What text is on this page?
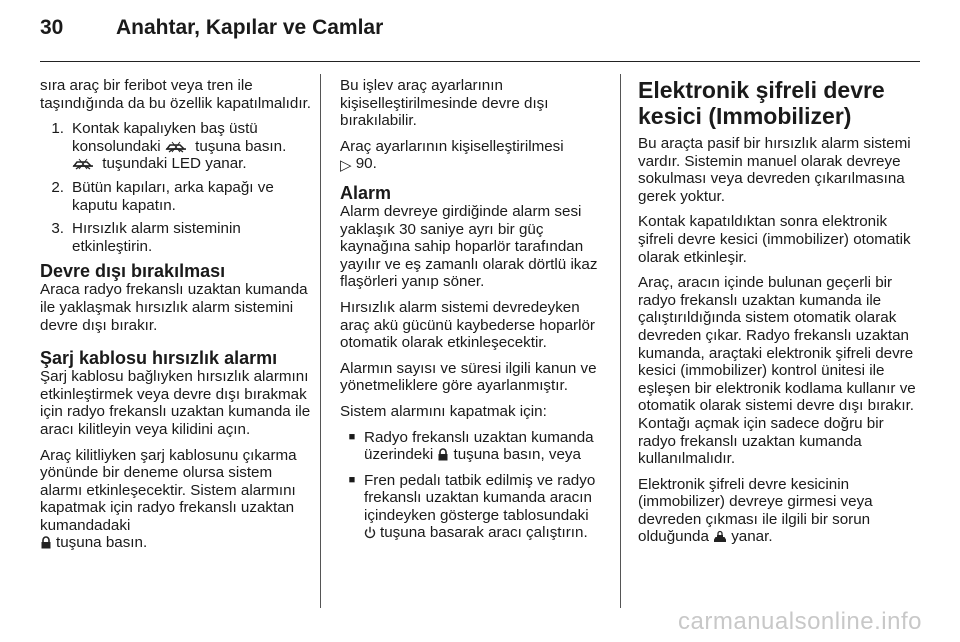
30	Anahtar, Kapılar ve Camlar

sıra araç bir feribot veya tren ile taşındığında da bu özellik kapatılmalıdır.

1. Kontak kapalıyken baş üstü konsolundaki tuşuna basın.
tuşundaki LED yanar.
2. Bütün kapıları, arka kapağı ve kaputu kapatın.
3. Hırsızlık alarm sisteminin etkinleştirin.
Devre dışı bırakılması

Araca radyo frekanslı uzaktan kumanda ile yaklaşmak hırsızlık alarm sistemini devre dışı bırakır.

Şarj kablosu hırsızlık alarmı

Şarj kablosu bağlıyken hırsızlık alarmını etkinleştirmek veya devre dışı bırakmak için radyo frekanslı uzaktan kumanda ile aracı kilitleyin veya kilidini açın.

Araç kilitliyken şarj kablosunu çıkarma yönünde bir deneme olursa sistem alarmı etkinleşecektir. Sistem alarmını kapatmak için radyo frekanslı uzaktan kumandadaki
tuşuna basın.

Bu işlev araç ayarlarının kişiselleştirilmesinde devre dışı bırakılabilir.

Araç ayarlarının kişiselleştirilmesi
▷ 90.

Alarm

Alarm devreye girdiğinde alarm sesi yaklaşık 30 saniye ayrı bir güç kaynağına sahip hoparlör tarafından yayılır ve eş zamanlı olarak dörtlü ikaz flaşörleri yanıp söner.

Hırsızlık alarm sistemi devredeyken araç akü gücünü kaybederse hoparlör otomatik olarak etkinleşecektir.

Alarmın sayısı ve süresi ilgili kanun ve yönetmeliklere göre ayarlanmıştır.

Sistem alarmını kapatmak için:

■ Radyo frekanslı uzaktan kumanda üzerindeki tuşuna basın, veya
■ Fren pedalı tatbik edilmiş ve radyo frekanslı uzaktan kumanda aracın içindeyken gösterge tablosundaki
tuşuna basarak aracı çalıştırın.
Elektronik şifreli devre kesici (Immobilizer)

Bu araçta pasif bir hırsızlık alarm sistemi vardır. Sistemin manuel olarak devreye sokulması veya devreden çıkarılmasına gerek yoktur.

Kontak kapatıldıktan sonra elektronik şifreli devre kesici (immobilizer) otomatik olarak etkinleşir.

Araç, aracın içinde bulunan geçerli bir radyo frekanslı uzaktan kumanda ile çalıştırıldığında sistem otomatik olarak devreden çıkar. Radyo frekanslı uzaktan kumanda, araçtaki elektronik şifreli devre kesici (immobilizer) kontrol ünitesi ile eşleşen bir elektronik kodlama kullanır ve otomatik olarak sistemi devre dışı bırakır. Kontağı açmak için sadece doğru bir radyo frekanslı uzaktan kumanda kullanılmalıdır.

Elektronik şifreli devre kesicinin (immobilizer) devreye girmesi veya devreden çıkması ile ilgili bir sorun olduğunda yanar.

carmanualsonline.info
